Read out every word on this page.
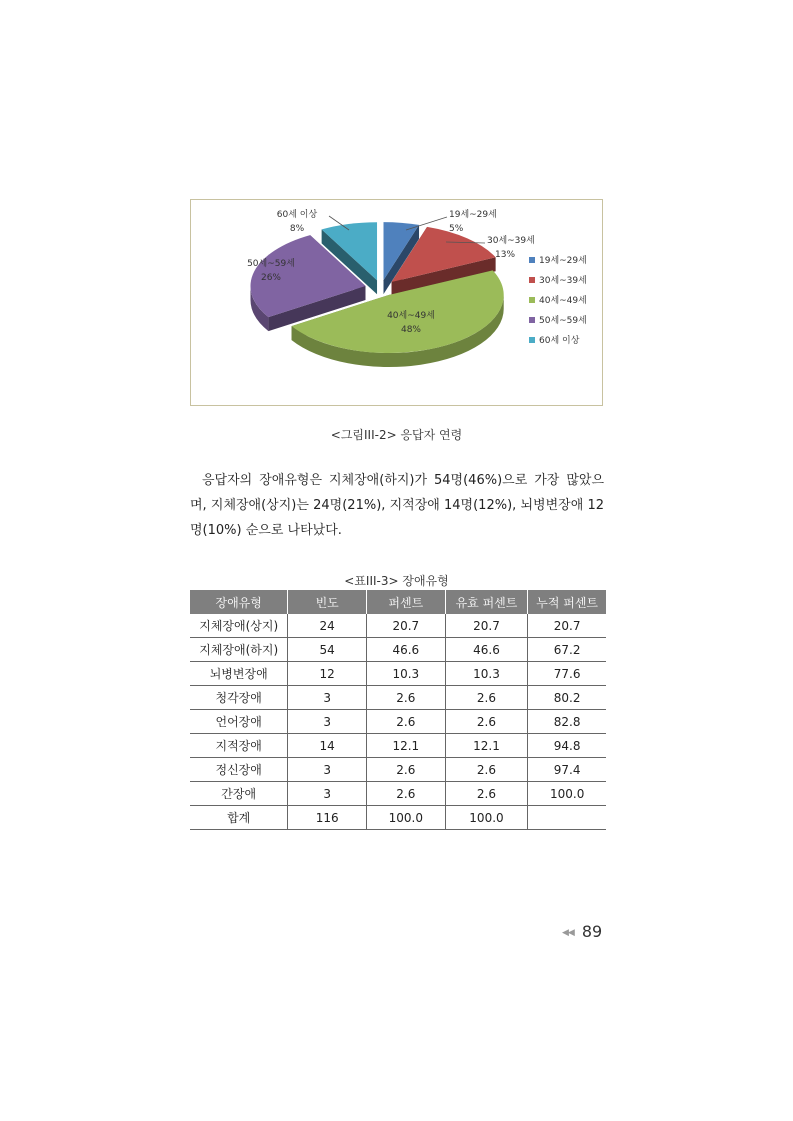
19세~29세
5%
30세~39세
13%
40세~49세
48%
50세~59세
26%
60세 이상
8%
19세~29세
30세~39세
40세~49세
50세~59세
60세 이상
<그림III-2> 응답자 연령

응답자의 장애유형은 지체장애(하지)가 54명(46%)으로 가장 많았으며, 지체장애(상지)는 24명(21%), 지적장애 14명(12%), 뇌병변장애 12명(10%) 순으로 나타났다.

<표III-3> 장애유형
장애유형	빈도	퍼센트	유효 퍼센트	누적 퍼센트
지체장애(상지)	24	20.7	20.7	20.7
지체장애(하지)	54	46.6	46.6	67.2
뇌병변장애	12	10.3	10.3	77.6
청각장애	3	2.6	2.6	80.2
언어장애	3	2.6	2.6	82.8
지적장애	14	12.1	12.1	94.8
정신장애	3	2.6	2.6	97.4
간장애	3	2.6	2.6	100.0
합계	116	100.0	100.0	
◀◀ 89
